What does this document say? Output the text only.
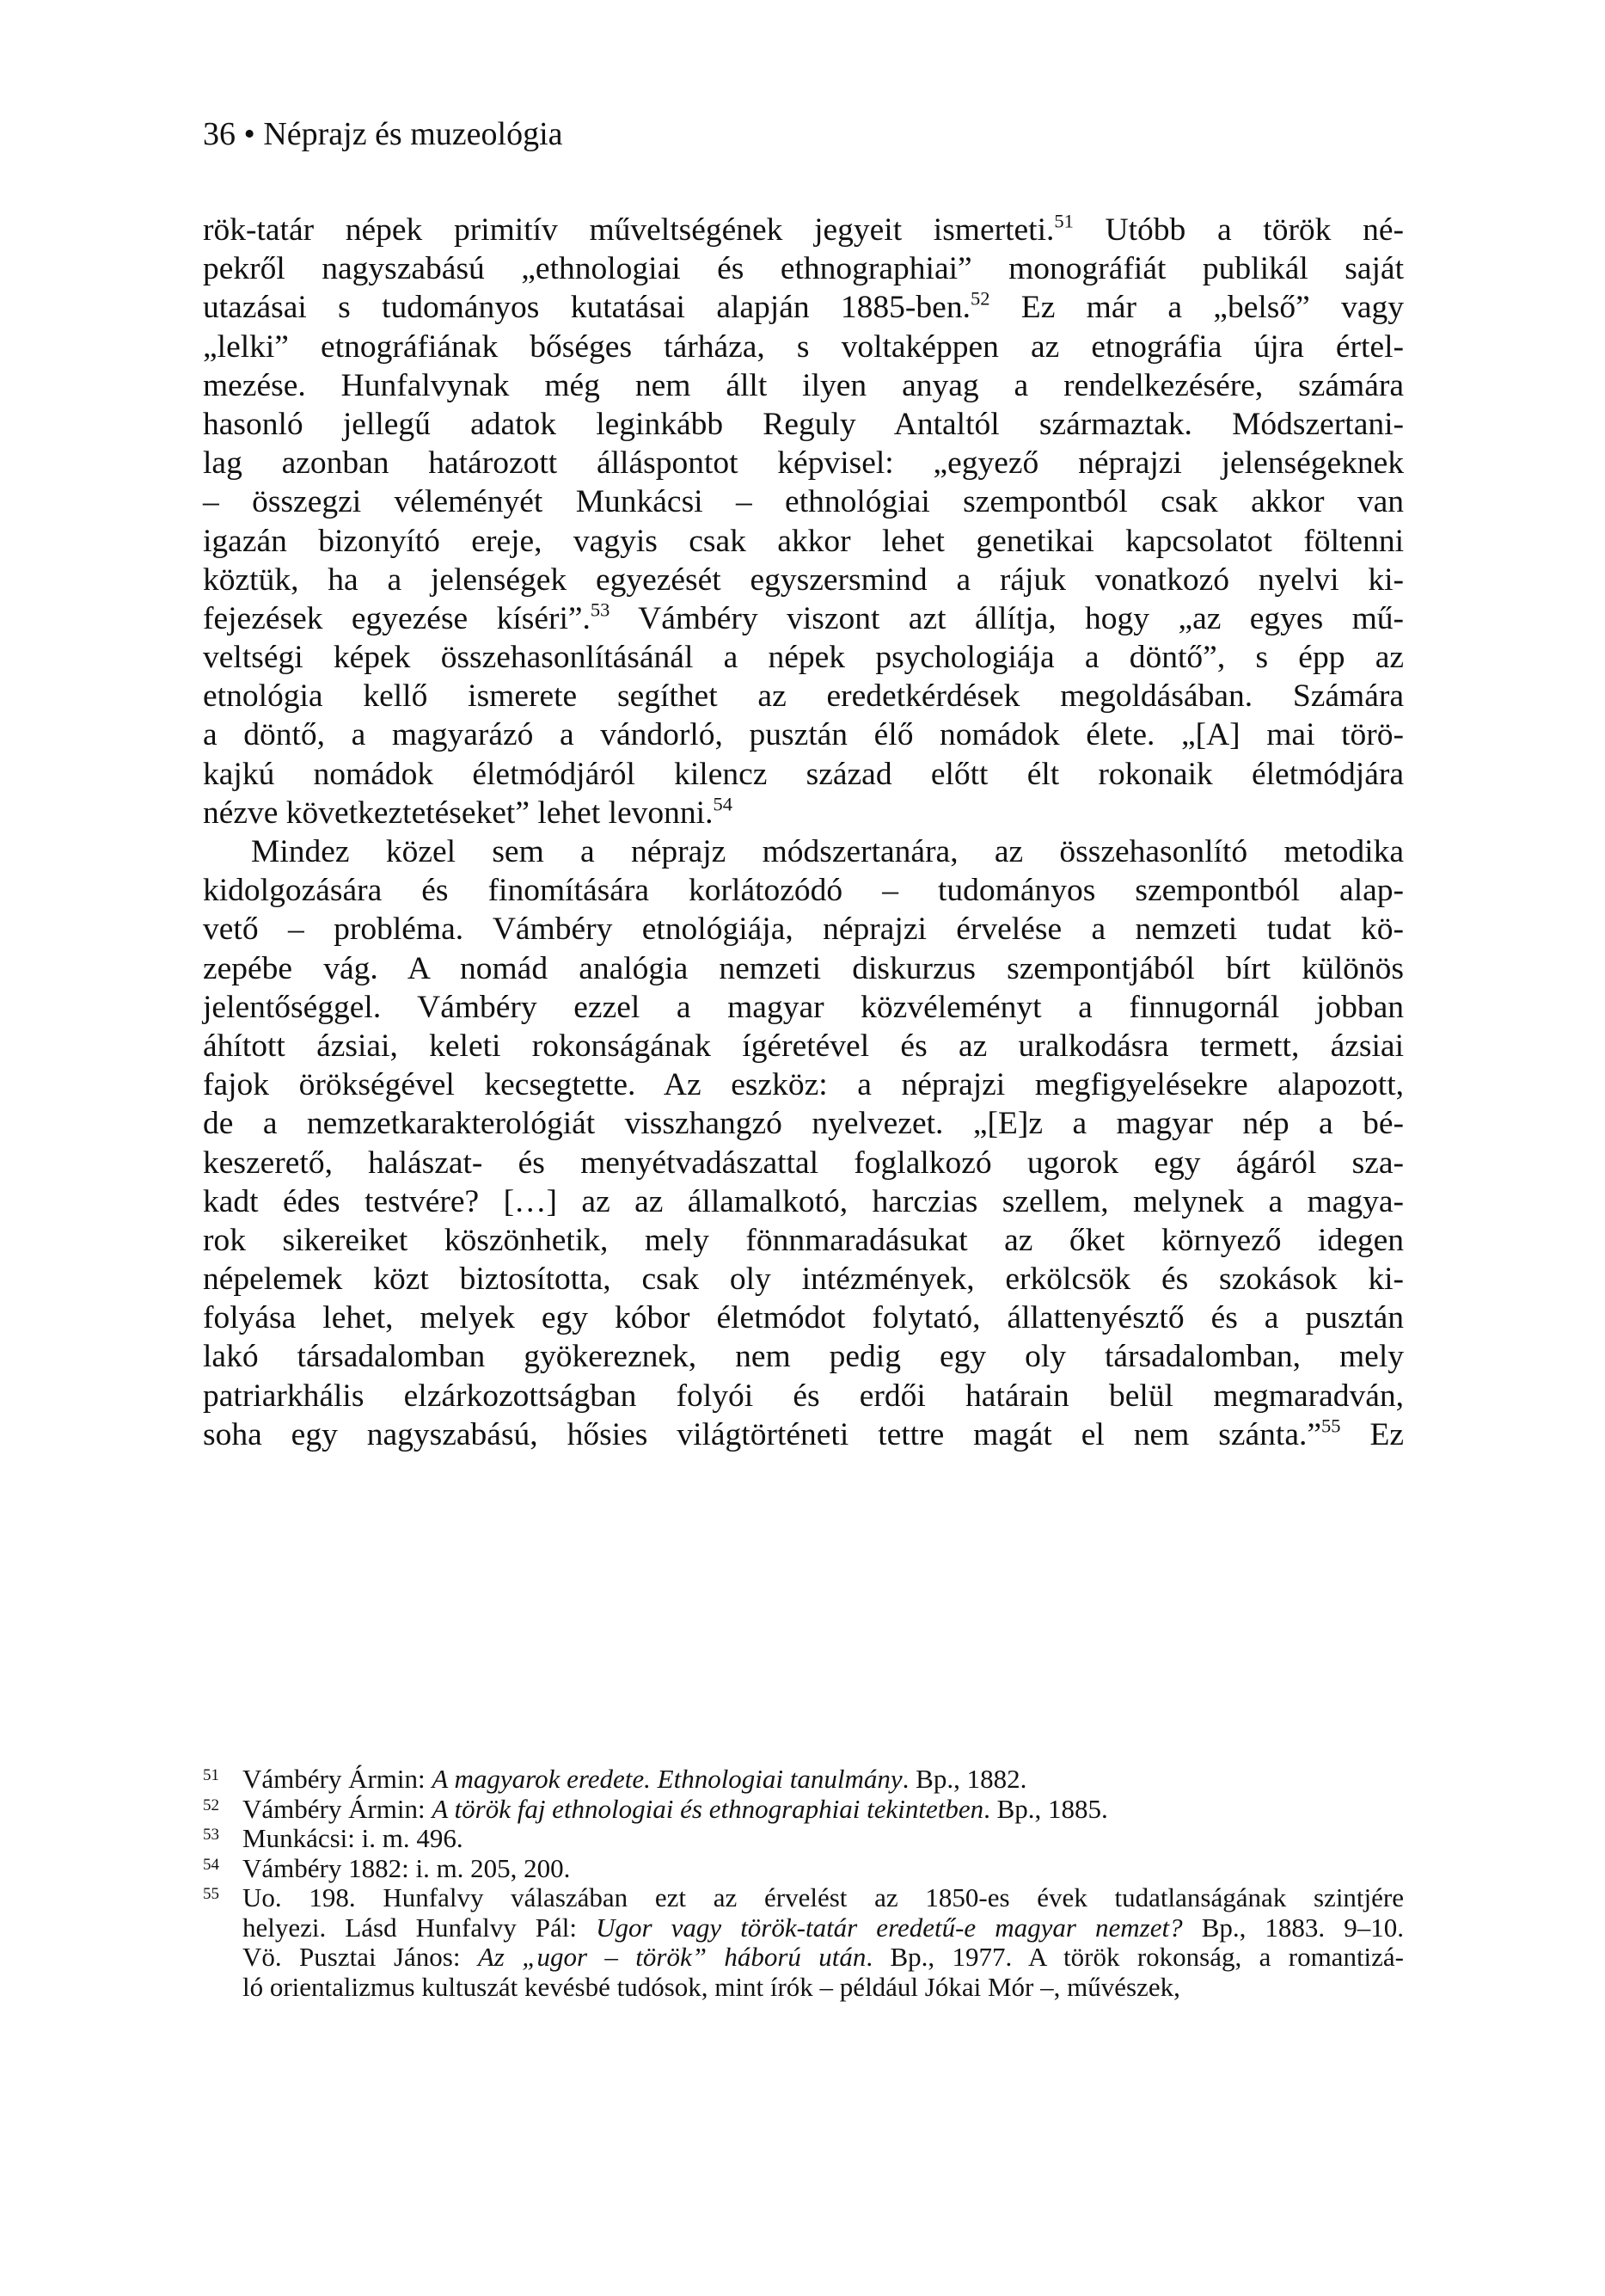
36 • Néprajz és muzeológia
rök-tatár népek primitív műveltségének jegyeit ismerteti.$^{51}$ Utóbb a török né-
pekről nagyszabású „ethnologiai és ethnographiai” monográfiát publikál saját
utazásai s tudományos kutatásai alapján 1885-ben.$^{52}$ Ez már a „belső” vagy
„lelki” etnográfiának bőséges tárháza, s voltaképpen az etnográfia újra értel-
mezése. Hunfalvynak még nem állt ilyen anyag a rendelkezésére, számára
hasonló jellegű adatok leginkább Reguly Antaltól származtak. Módszertani-
lag azonban határozott álláspontot képvisel: „egyező néprajzi jelenségeknek
– összegzi véleményét Munkácsi – ethnológiai szempontból csak akkor van
igazán bizonyító ereje, vagyis csak akkor lehet genetikai kapcsolatot föltenni
köztük, ha a jelenségek egyezését egyszersmind a rájuk vonatkozó nyelvi ki-
fejezések egyezése kíséri”.$^{53}$ Vámbéry viszont azt állítja, hogy „az egyes mű-
veltségi képek összehasonlításánál a népek psychologiája a döntő”, s épp az
etnológia kellő ismerete segíthet az eredetkérdések megoldásában. Számára
a döntő, a magyarázó a vándorló, pusztán élő nomádok élete. „[A] mai törö-
kajkú nomádok életmódjáról kilencz század előtt élt rokonaik életmódjára
nézve következtetéseket” lehet levonni.$^{54}$
Mindez közel sem a néprajz módszertanára, az összehasonlító metodika
kidolgozására és finomítására korlátozódó – tudományos szempontból alap-
vető – probléma. Vámbéry etnológiája, néprajzi érvelése a nemzeti tudat kö-
zepébe vág. A nomád analógia nemzeti diskurzus szempontjából bírt különös
jelentőséggel. Vámbéry ezzel a magyar közvéleményt a finnugornál jobban
áhított ázsiai, keleti rokonságának ígéretével és az uralkodásra termett, ázsiai
fajok örökségével kecsegtette. Az eszköz: a néprajzi megfigyelésekre alapozott,
de a nemzetkarakterológiát visszhangzó nyelvezet. „[E]z a magyar nép a bé-
keszerető, halászat- és menyétvadászattal foglalkozó ugorok egy ágáról sza-
kadt édes testvére? […] az az államalkotó, harczias szellem, melynek a magya-
rok sikereiket köszönhetik, mely fönnmaradásukat az őket környező idegen
népelemek közt biztosította, csak oly intézmények, erkölcsök és szokások ki-
folyása lehet, melyek egy kóbor életmódot folytató, állattenyésztő és a pusztán
lakó társadalomban gyökereznek, nem pedig egy oly társadalomban, mely
patriarkhális elzárkozottságban folyói és erdői határain belül megmaradván,
soha egy nagyszabású, hősies világtörténeti tettre magát el nem szánta.”$^{55}$ Ez
51 Vámbéry Ármin: A magyarok eredete. Ethnologiai tanulmány. Bp., 1882.
52 Vámbéry Ármin: A török faj ethnologiai és ethnographiai tekintetben. Bp., 1885.
53 Munkácsi: i. m. 496.
54 Vámbéry 1882: i. m. 205, 200.
55 Uo. 198. Hunfalvy válaszában ezt az érvelést az 1850-es évek tudatlanságának szintjére
helyezi. Lásd Hunfalvy Pál: Ugor vagy török-tatár eredetű-e magyar nemzet? Bp., 1883. 9–10.
Vö. Pusztai János: Az „ugor – török” háború után. Bp., 1977. A török rokonság, a romantizá-
ló orientalizmus kultuszát kevésbé tudósok, mint írók – például Jókai Mór –, művészek,
